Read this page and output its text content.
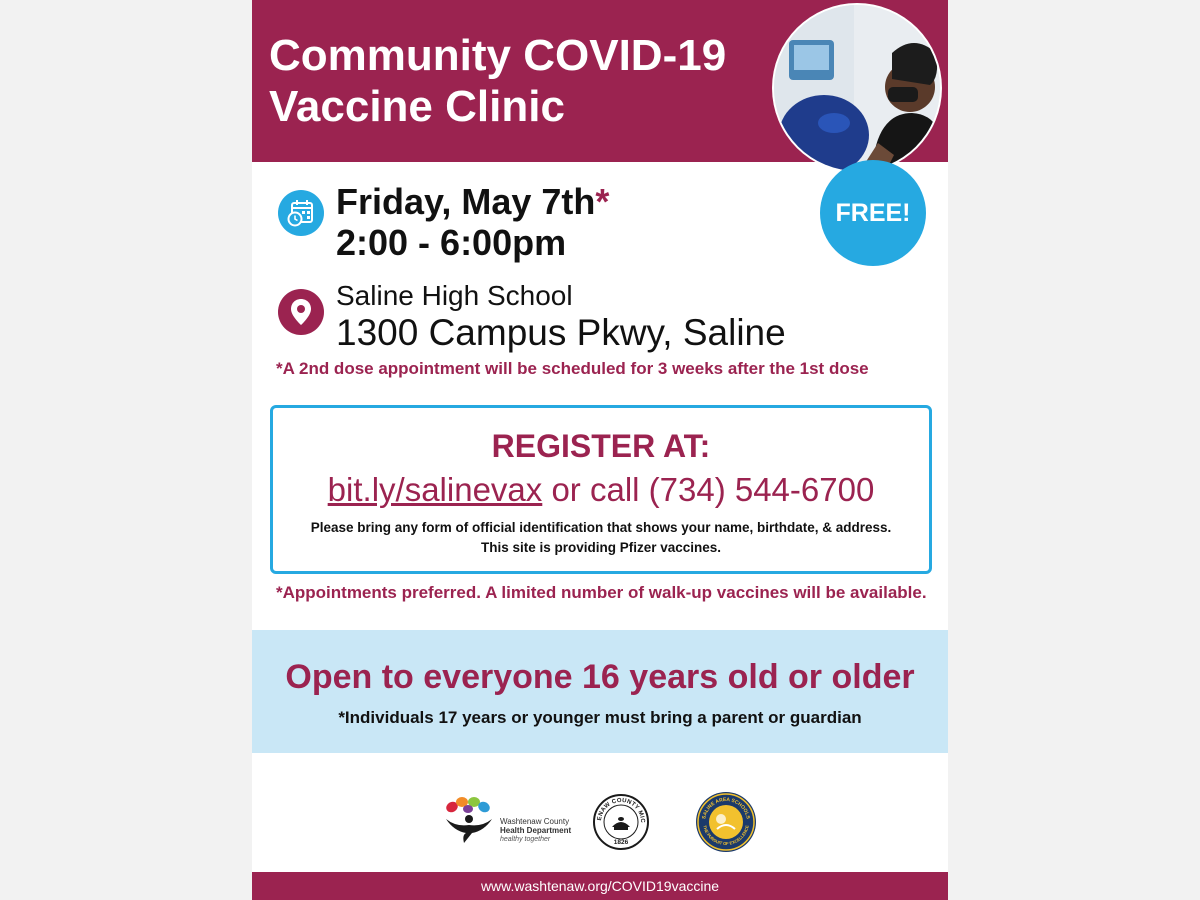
Community COVID-19
Vaccine Clinic
FREE!
Friday, May 7th*
2:00 - 6:00pm
Saline High School
1300 Campus Pkwy, Saline
*A 2nd dose appointment will be scheduled for 3 weeks after the 1st dose
REGISTER AT:
bit.ly/salinevax or call (734) 544-6700
Please bring any form of official identification that shows your name, birthdate, & address.
This site is providing Pfizer vaccines.
*Appointments preferred. A limited number of walk-up vaccines will be available.
Open to everyone 16 years old or older
*Individuals 17 years or younger must bring a parent or guardian
Washtenaw County
Health Department
healthy together
ENAW COUNTY MIC
1826
SALINE AREA SCHOOLS
THE PURSUIT OF EXCELLENCE
www.washtenaw.org/COVID19vaccine
